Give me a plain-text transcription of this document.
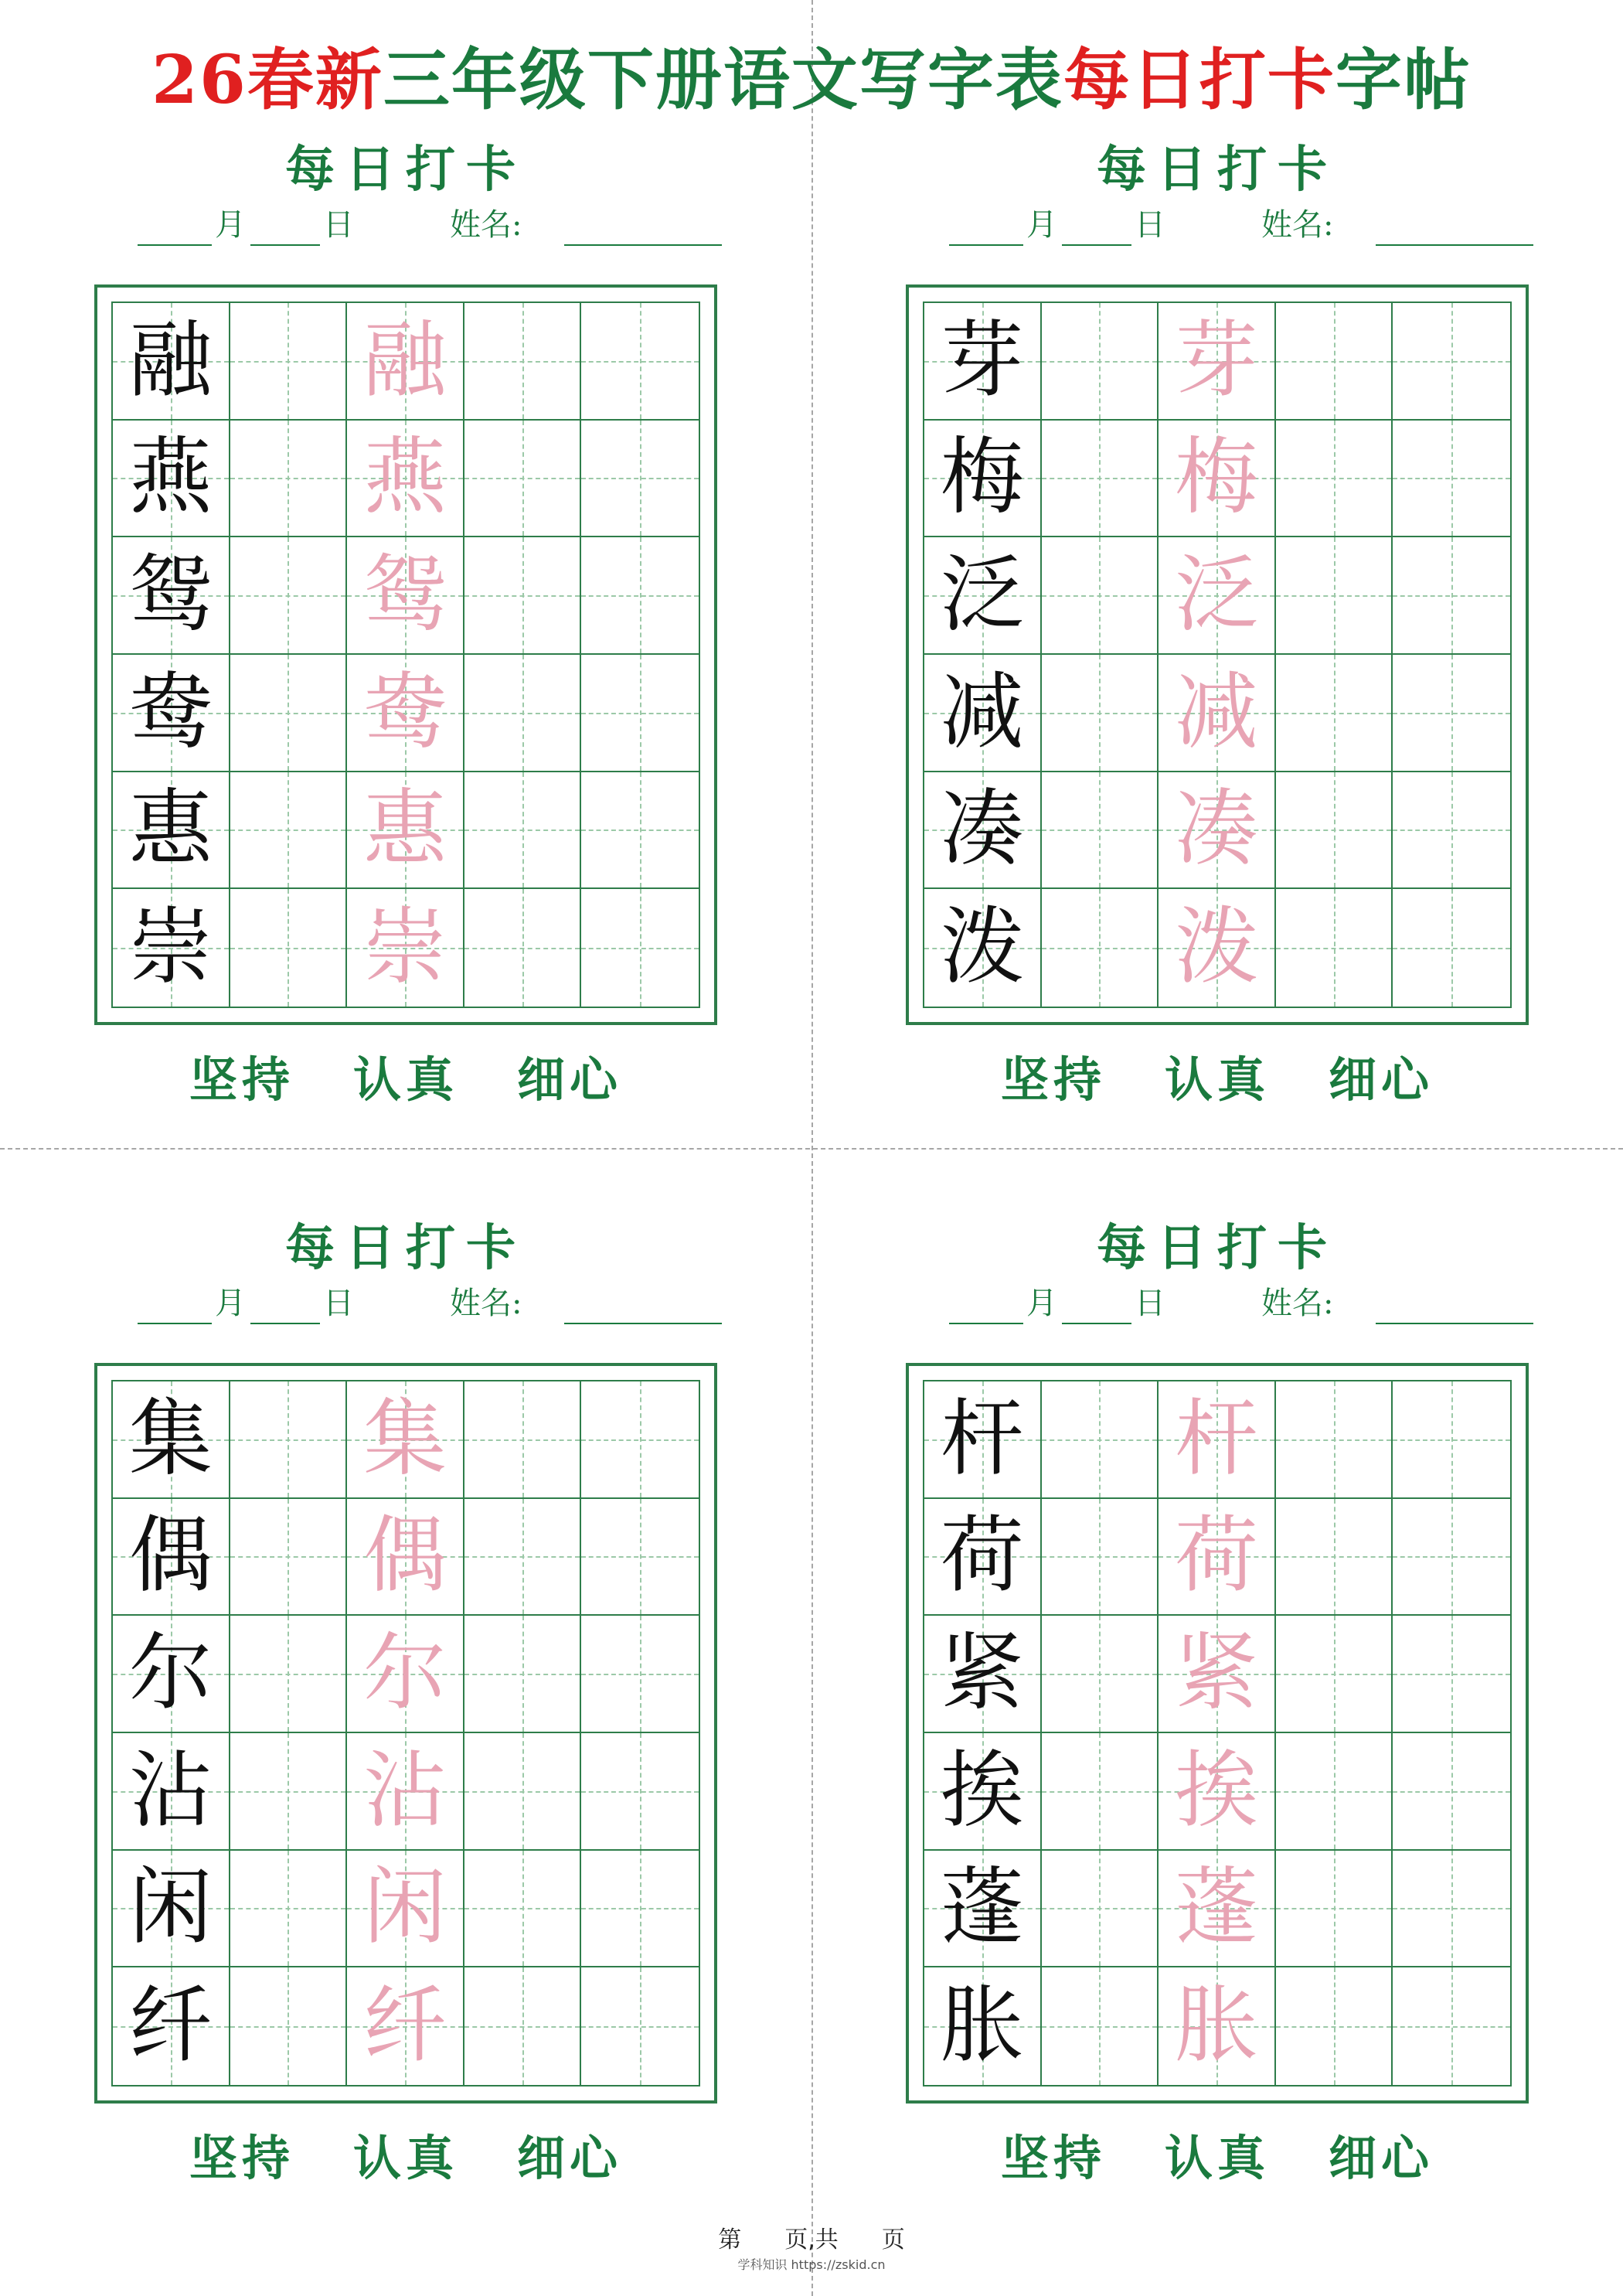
26春新三年级下册语文写字表每日打卡字帖
每日打卡
月	日	姓名:
融 融
燕 燕
鸳 鸳
鸯 鸯
惠 惠
崇 崇
坚持 认真 细心
每日打卡
月	日	姓名:
芽 芽
梅 梅
泛 泛
减 减
凑 凑
泼 泼
坚持 认真 细心
每日打卡
月	日	姓名:
集 集
偶 偶
尔 尔
沾 沾
闲 闲
纤 纤
坚持 认真 细心
每日打卡
月	日	姓名:
杆 杆
荷 荷
紧 紧
挨 挨
蓬 蓬
胀 胀
坚持 认真 细心
第 页,共 页
学科知识 https://zskid.cn
